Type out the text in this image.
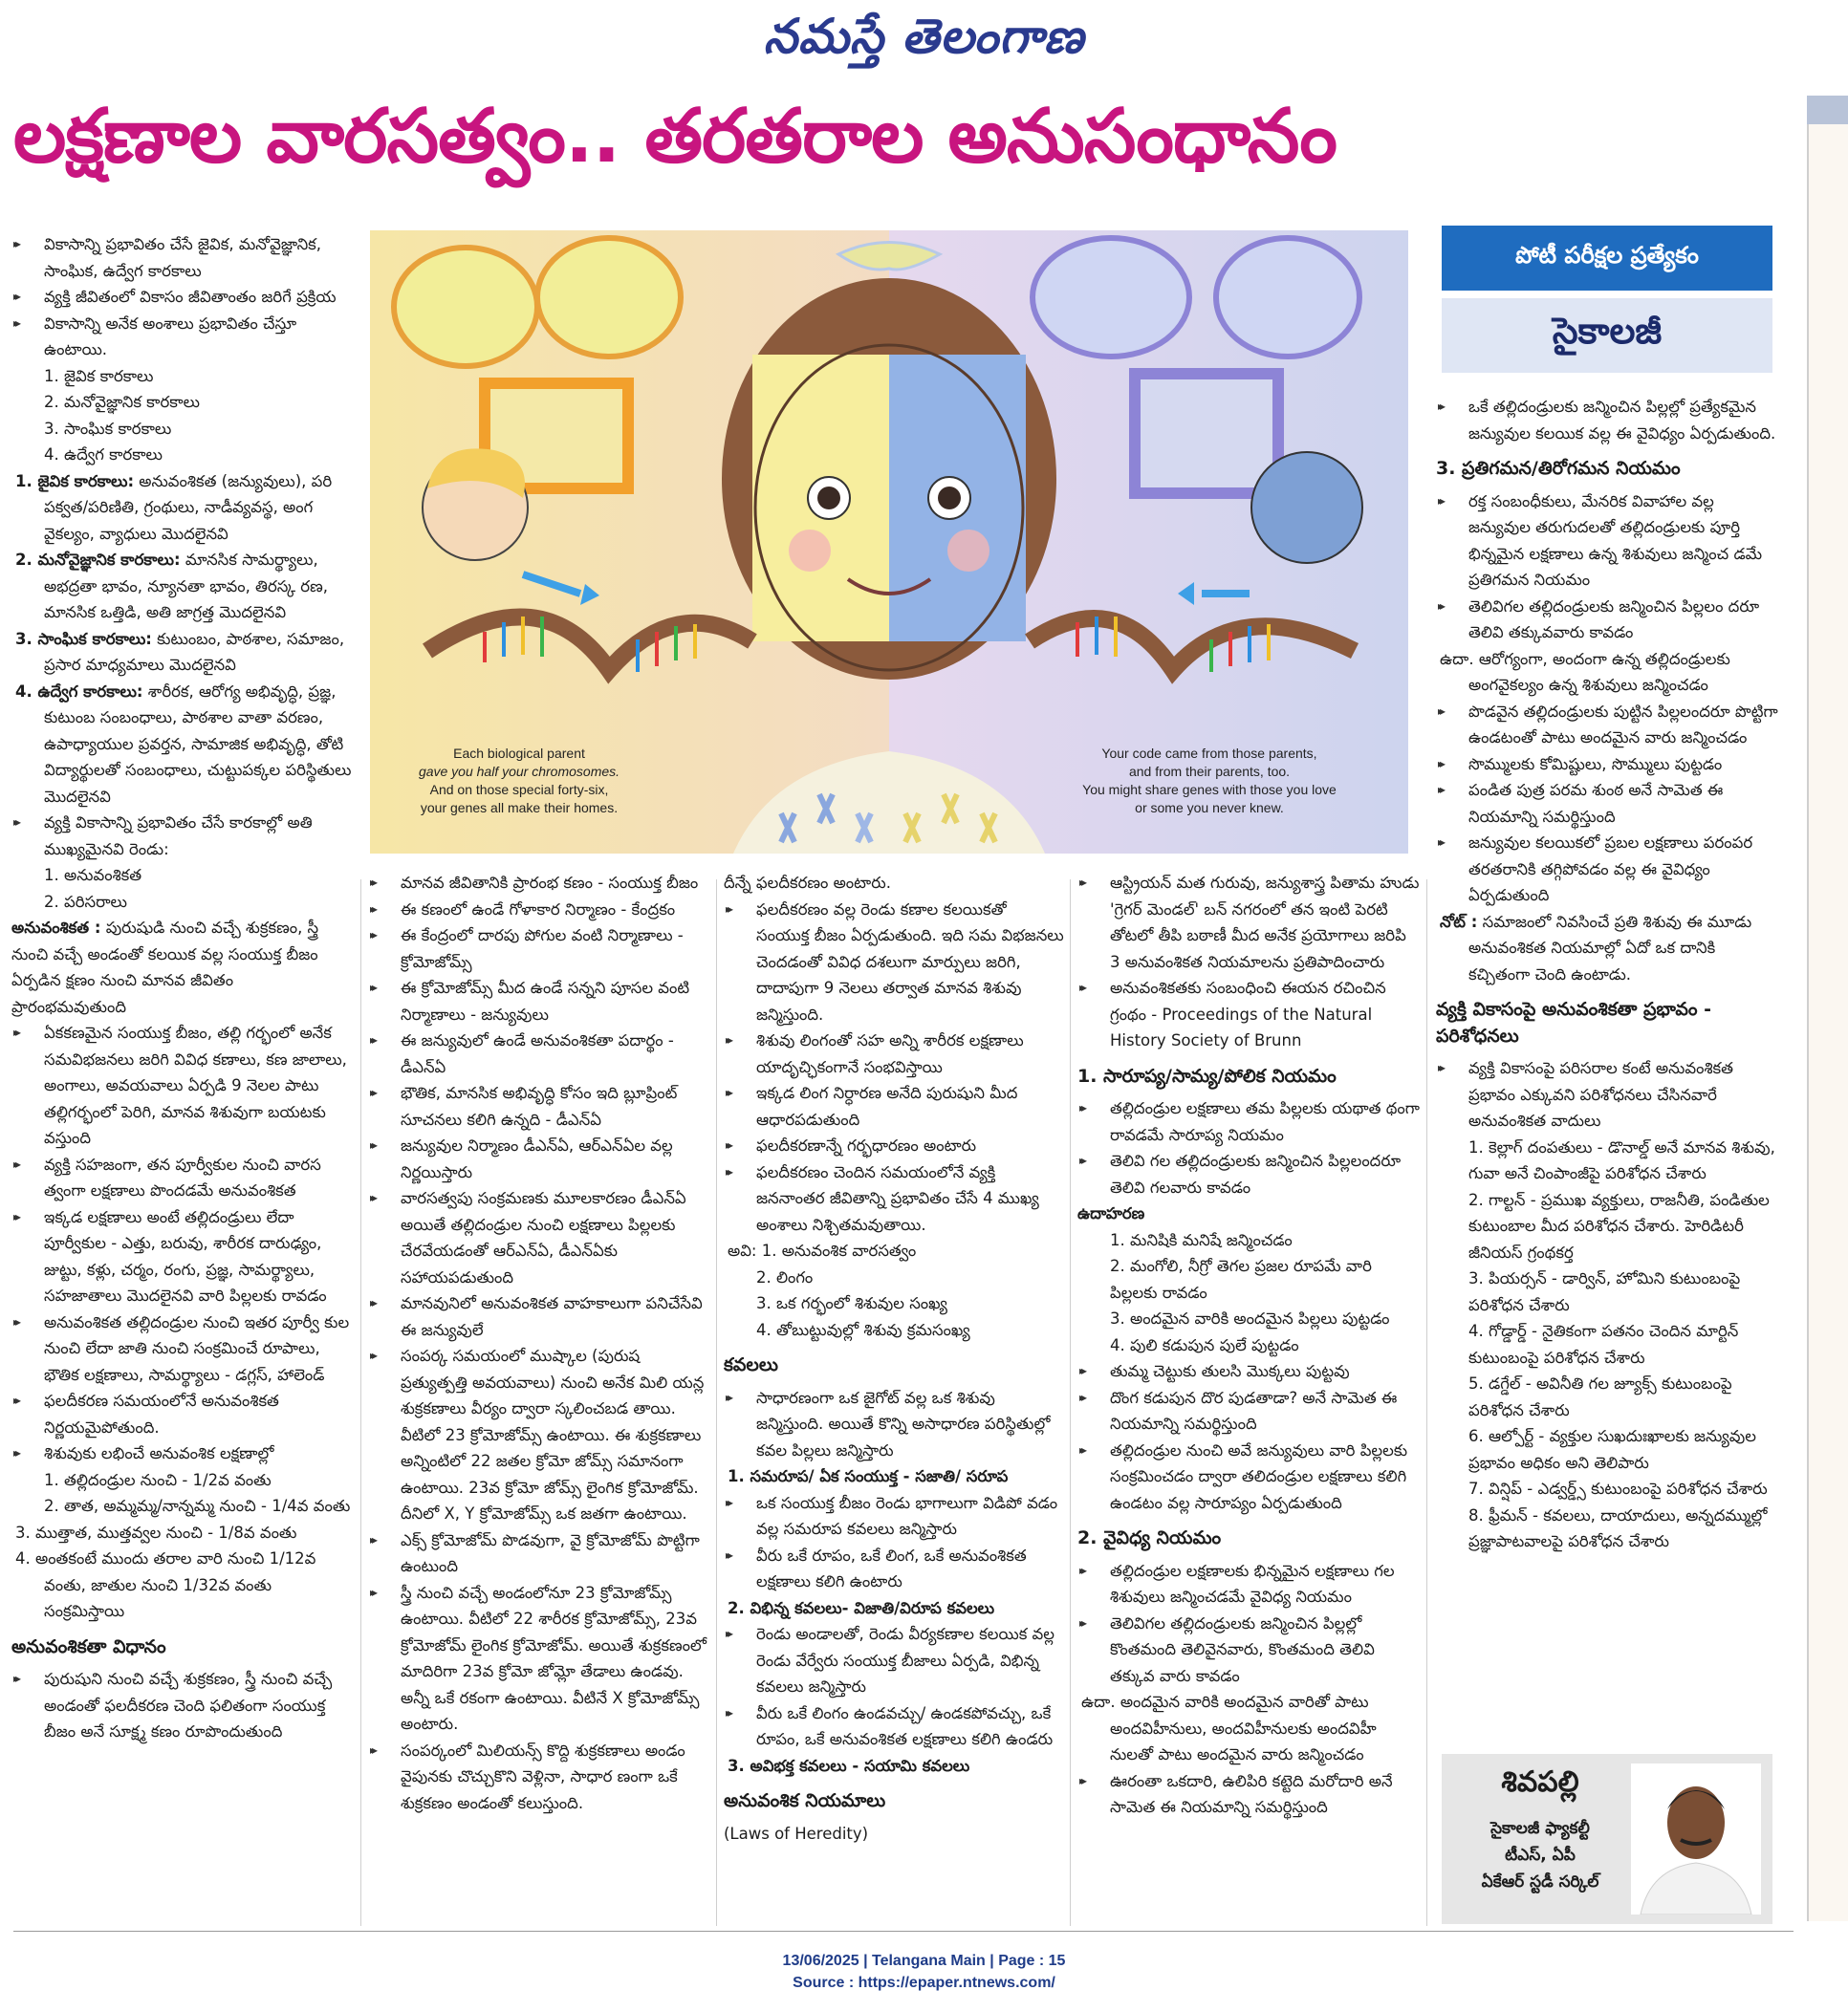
నమస్తే తెలంగాణ
లక్షణాల వారసత్వం.. తరతరాల అనుసంధానం

▸▸ వికాసాన్ని ప్రభావితం చేసే జైవిక, మనోవైజ్ఞానిక, సాంఘిక, ఉద్వేగ కారకాలు

▸▸ వ్యక్తి జీవితంలో వికాసం జీవితాంతం జరిగే ప్రక్రియ

▸▸ వికాసాన్ని అనేక అంశాలు ప్రభావితం చేస్తూ ఉంటాయి.

1. జైవిక కారకాలు

2. మనోవైజ్ఞానిక కారకాలు

3. సాంఘిక కారకాలు

4. ఉద్వేగ కారకాలు

1. జైవిక కారకాలు: అనువంశికత (జన్యువులు), పరి పక్వత/పరిణితి, గ్రంథులు, నాడీవ్యవస్థ, అంగ వైకల్యం, వ్యాధులు మొదలైనవి

2. మనోవైజ్ఞానిక కారకాలు: మానసిక సామర్థ్యాలు, అభద్రతా భావం, న్యూనతా భావం, తిరస్క రణ, మానసిక ఒత్తిడి, అతి జాగ్రత్త మొదలైనవి

3. సాంఘిక కారకాలు: కుటుంబం, పాఠశాల, సమాజం, ప్రసార మాధ్యమాలు మొదలైనవి

4. ఉద్వేగ కారకాలు: శారీరక, ఆరోగ్య అభివృద్ధి, ప్రజ్ఞ, కుటుంబ సంబంధాలు, పాఠశాల వాతా వరణం, ఉపాధ్యాయుల ప్రవర్తన, సామాజిక అభివృద్ధి, తోటి విద్యార్థులతో సంబంధాలు, చుట్టుపక్కల పరిస్థితులు మొదలైనవి

▸▸ వ్యక్తి వికాసాన్ని ప్రభావితం చేసే కారకాల్లో అతి ముఖ్యమైనవి రెండు:

1. అనువంశికత

2. పరిసరాలు

అనువంశికత : పురుషుడి నుంచి వచ్చే శుక్రకణం, స్త్రీ నుంచి వచ్చే అండంతో కలయిక వల్ల సంయుక్త బీజం ఏర్పడిన క్షణం నుంచి మానవ జీవితం ప్రారంభమవుతుంది

▸▸ ఏకకణమైన సంయుక్త బీజం, తల్లి గర్భంలో అనేక సమవిభజనలు జరిగి వివిధ కణాలు, కణ జాలాలు, అంగాలు, అవయవాలు ఏర్పడి 9 నెలల పాటు తల్లిగర్భంలో పెరిగి, మానవ శిశువుగా బయటకు వస్తుంది

▸▸ వ్యక్తి సహజంగా, తన పూర్వీకుల నుంచి వారస త్వంగా లక్షణాలు పొందడమే అనువంశికత

▸▸ ఇక్కడ లక్షణాలు అంటే తల్లిదండ్రులు లేదా పూర్వీకుల - ఎత్తు, బరువు, శారీరక దారుఢ్యం, జుట్టు, కళ్లు, చర్మం, రంగు, ప్రజ్ఞ, సామర్థ్యాలు, సహజాతాలు మొదలైనవి వారి పిల్లలకు రావడం

▸▸ అనువంశికత తల్లిదండ్రుల నుంచి ఇతర పూర్వీ కుల నుంచి లేదా జాతి నుంచి సంక్రమించే రూపాలు, భౌతిక లక్షణాలు, సామర్థ్యాలు - డగ్లస్, హాలెండ్

▸▸ ఫలదీకరణ సమయంలోనే అనువంశికత నిర్ణయమైపోతుంది.

▸▸ శిశువుకు లభించే అనువంశిక లక్షణాల్లో

1. తల్లిదండ్రుల నుంచి - 1/2వ వంతు

2. తాత, అమ్మమ్మ/నాన్నమ్మ నుంచి - 1/4వ వంతు

3. ముత్తాత, ముత్తవ్వల నుంచి - 1/8వ వంతు

4. అంతకంటే ముందు తరాల వారి నుంచి 1/12వ వంతు, జాతుల నుంచి 1/32వ వంతు సంక్రమిస్తాయి

అనువంశికతా విధానం

▸▸ పురుషుని నుంచి వచ్చే శుక్రకణం, స్త్రీ నుంచి వచ్చే అండంతో ఫలదీకరణ చెంది ఫలితంగా సంయుక్త బీజం అనే సూక్ష్మ కణం రూపొందుతుంది

Each biological parent
gave you half your chromosomes.
And on those special forty-six,
your genes all make their homes.
Your code came from those parents,
and from their parents, too.
You might share genes with those you love
or some you never knew.

▸▸ మానవ జీవితానికి ప్రారంభ కణం - సంయుక్త బీజం

▸▸ ఈ కణంలో ఉండే గోళాకార నిర్మాణం - కేంద్రకం

▸▸ ఈ కేంద్రంలో దారపు పోగుల వంటి నిర్మాణాలు - క్రోమోజోమ్స్

▸▸ ఈ క్రోమోజోమ్స్ మీద ఉండే సన్నని పూసల వంటి నిర్మాణాలు - జన్యువులు

▸▸ ఈ జన్యువులో ఉండే అనువంశికతా పదార్థం - డీఎన్ఏ

▸▸ భౌతిక, మానసిక అభివృద్ధి కోసం ఇది బ్లూప్రింట్ సూచనలు కలిగి ఉన్నది - డీఎన్ఏ

▸▸ జన్యువుల నిర్మాణం డీఎన్ఏ, ఆర్ఎన్ఏల వల్ల నిర్ణయిస్తారు

▸▸ వారసత్వపు సంక్రమణకు మూలకారణం డీఎన్ఏ అయితే తల్లిదండ్రుల నుంచి లక్షణాలు పిల్లలకు చేరవేయడంతో ఆర్ఎన్ఏ, డీఎన్ఏకు సహాయపడుతుంది

▸▸ మానవునిలో అనువంశికత వాహకాలుగా పనిచేసేవి ఈ జన్యువులే

▸▸ సంపర్క సమయంలో ముష్కాల (పురుష ప్రత్యుత్పత్తి అవయవాలు) నుంచి అనేక మిలి యన్ల శుక్రకణాలు వీర్యం ద్వారా స్కలించబడ తాయి. వీటిలో 23 క్రోమోజోమ్స్ ఉంటాయి. ఈ శుక్రకణాలు అన్నింటిలో 22 జతల క్రోమో జోమ్స్ సమానంగా ఉంటాయి. 23వ క్రోమో జోమ్స్ లైంగిక క్రోమోజోమ్. దీనిలో X, Y క్రోమోజోమ్స్ ఒక జతగా ఉంటాయి.

▸▸ ఎక్స్ క్రోమోజోమ్ పొడవుగా, వై క్రోమోజోమ్ పొట్టిగా ఉంటుంది

▸▸ స్త్రీ నుంచి వచ్చే అండంలోనూ 23 క్రోమోజోమ్స్ ఉంటాయి. వీటిలో 22 శారీరక క్రోమోజోమ్స్, 23వ క్రోమోజోమ్ లైంగిక క్రోమోజోమ్. అయితే శుక్రకణంలో మాదిరిగా 23వ క్రోమో జోమ్లో తేడాలు ఉండవు. అన్నీ ఒకే రకంగా ఉంటాయి. వీటినే X క్రోమోజోమ్స్ అంటారు.

▸▸ సంపర్కంలో మిలియన్స్ కొద్ది శుక్రకణాలు అండం వైపునకు చొచ్చుకొని వెళ్లినా, సాధార ణంగా ఒకే శుక్రకణం అండంతో కలుస్తుంది.

దీన్నే ఫలదీకరణం అంటారు.

▸▸ ఫలదీకరణం వల్ల రెండు కణాల కలయికతో సంయుక్త బీజం ఏర్పడుతుంది. ఇది సమ విభజనలు చెందడంతో వివిధ దశలుగా మార్పులు జరిగి, దాదాపుగా 9 నెలలు తర్వాత మానవ శిశువు జన్మిస్తుంది.

▸▸ శిశువు లింగంతో సహ అన్ని శారీరక లక్షణాలు యాదృచ్ఛికంగానే సంభవిస్తాయి

▸▸ ఇక్కడ లింగ నిర్ధారణ అనేది పురుషుని మీద ఆధారపడుతుంది

▸▸ ఫలదీకరణాన్నే గర్భధారణం అంటారు

▸▸ ఫలదీకరణం చెందిన సమయంలోనే వ్యక్తి జననాంతర జీవితాన్ని ప్రభావితం చేసే 4 ముఖ్య అంశాలు నిశ్చితమవుతాయి.

అవి: 1. అనువంశిక వారసత్వం

2. లింగం

3. ఒక గర్భంలో శిశువుల సంఖ్య

4. తోబుట్టువుల్లో శిశువు క్రమసంఖ్య

కవలలు

▸▸ సాధారణంగా ఒక జైగోట్ వల్ల ఒక శిశువు జన్మిస్తుంది. అయితే కొన్ని అసాధారణ పరిస్థితుల్లో కవల పిల్లలు జన్మిస్తారు

1. సమరూప/ ఏక సంయుక్త - సజాతి/ సరూప

▸▸ ఒక సంయుక్త బీజం రెండు భాగాలుగా విడిపో వడం వల్ల సమరూప కవలలు జన్మిస్తారు

▸▸ వీరు ఒకే రూపం, ఒకే లింగ, ఒకే అనువంశికత లక్షణాలు కలిగి ఉంటారు

2. విభిన్న కవలలు- విజాతి/విరూప కవలలు

▸▸ రెండు అండాలతో, రెండు వీర్యకణాల కలయిక వల్ల రెండు వేర్వేరు సంయుక్త బీజాలు ఏర్పడి, విభిన్న కవలలు జన్మిస్తారు

▸▸ వీరు ఒకే లింగం ఉండవచ్చు/ ఉండకపోవచ్చు, ఒకే రూపం, ఒకే అనువంశికత లక్షణాలు కలిగి ఉండరు

3. అవిభక్త కవలలు - సయామి కవలలు

అనువంశిక నియమాలు

(Laws of Heredity)

▸▸ ఆస్ట్రియన్ మత గురువు, జన్యుశాస్త్ర పితామ హుడు 'గ్రెగర్ మెండల్' బన్ నగరంలో తన ఇంటి పెరటి తోటలో తీపి బఠాణీ మీద అనేక ప్రయోగాలు జరిపి 3 అనువంశికత నియమాలను ప్రతిపాదించారు

▸▸ అనువంశికతకు సంబంధించి ఈయన రచించిన గ్రంథం - Proceedings of the Natural History Society of Brunn

1. సారూప్య/సామ్య/పోలిక నియమం

▸▸ తల్లిదండ్రుల లక్షణాలు తమ పిల్లలకు యథాత థంగా రావడమే సారూప్య నియమం

▸▸ తెలివి గల తల్లిదండ్రులకు జన్మించిన పిల్లలందరూ తెలివి గలవారు కావడం

ఉదాహరణ

1. మనిషికి మనిషే జన్మించడం

2. మంగోలి, నీగ్రో తెగల ప్రజల రూపమే వారి పిల్లలకు రావడం

3. అందమైన వారికి అందమైన పిల్లలు పుట్టడం

4. పులి కడుపున పులే పుట్టడం

▸▸ తుమ్మ చెట్టుకు తులసి మొక్కలు పుట్టవు

▸▸ దొంగ కడుపున దొర పుడతాడా? అనే సామెత ఈ నియమాన్ని సమర్థిస్తుంది

▸▸ తల్లిదండ్రుల నుంచి అవే జన్యువులు వారి పిల్లలకు సంక్రమించడం ద్వారా తలిదండ్రుల లక్షణాలు కలిగి ఉండటం వల్ల సారూప్యం ఏర్పడుతుంది

2. వైవిధ్య నియమం

▸▸ తల్లిదండ్రుల లక్షణాలకు భిన్నమైన లక్షణాలు గల శిశువులు జన్మించడమే వైవిధ్య నియమం

▸▸ తెలివిగల తల్లిదండ్రులకు జన్మించిన పిల్లల్లో కొంతమంది తెలివైనవారు, కొంతమంది తెలివి తక్కువ వారు కావడం

ఉదా. అందమైన వారికి అందమైన వారితో పాటు అందవిహీనులు, అందవిహీనులకు అందవిహీ నులతో పాటు అందమైన వారు జన్మించడం

▸▸ ఊరంతా ఒకదారి, ఉలిపిరి కట్టెది మరోదారి అనే సామెత ఈ నియమాన్ని సమర్థిస్తుంది

పోటీ పరీక్షల ప్రత్యేకం
సైకాలజీ

▸▸ ఒకే తల్లిదండ్రులకు జన్మించిన పిల్లల్లో ప్రత్యేకమైన జన్యువుల కలయిక వల్ల ఈ వైవిధ్యం ఏర్పడుతుంది.

3. ప్రతిగమన/తిరోగమన నియమం

▸▸ రక్త సంబంధీకులు, మేనరిక వివాహాల వల్ల జన్యువుల తరుగుదలతో తల్లిదండ్రులకు పూర్తి భిన్నమైన లక్షణాలు ఉన్న శిశువులు జన్మించ డమే ప్రతిగమన నియమం

▸▸ తెలివిగల తల్లిదండ్రులకు జన్మించిన పిల్లలం దరూ తెలివి తక్కువవారు కావడం

ఉదా. ఆరోగ్యంగా, అందంగా ఉన్న తల్లిదండ్రులకు అంగవైకల్యం ఉన్న శిశువులు జన్మించడం

▸▸ పొడవైన తల్లిదండ్రులకు పుట్టిన పిల్లలందరూ పొట్టిగా ఉండటంతో పాటు అందమైన వారు జన్మించడం

▸▸ సొమ్ములకు కోమిష్టులు, సొమ్ములు పుట్టడం

▸▸ పండిత పుత్ర పరమ శుంఠ అనే సామెత ఈ నియమాన్ని సమర్థిస్తుంది

▸▸ జన్యువుల కలయికలో ప్రబల లక్షణాలు పరంపర తరతరానికి తగ్గిపోవడం వల్ల ఈ వైవిధ్యం ఏర్పడుతుంది

నోట్ : సమాజంలో నివసించే ప్రతి శిశువు ఈ మూడు అనువంశికత నియమాల్లో ఏదో ఒక దానికి కచ్చితంగా చెంది ఉంటాడు.

వ్యక్తి వికాసంపై అనువంశికతా ప్రభావం - పరిశోధనలు

▸▸ వ్యక్తి వికాసంపై పరిసరాల కంటే అనువంశికత ప్రభావం ఎక్కువని పరిశోధనలు చేసినవారే అనువంశికత వాదులు

1. కెల్లాగ్ దంపతులు - డొనాల్డ్ అనే మానవ శిశువు, గువా అనే చింపాంజీపై పరిశోధన చేశారు

2. గాల్టన్ - ప్రముఖ వ్యక్తులు, రాజనీతి, పండితుల కుటుంబాల మీద పరిశోధన చేశారు. హెరిడిటరీ జీనియస్ గ్రంథకర్త

3. పియర్సన్ - డార్విన్, హోమిని కుటుంబంపై పరిశోధన చేశారు

4. గోడ్డార్డ్ - నైతికంగా పతనం చెందిన మార్టిన్ కుటుంబంపై పరిశోధన చేశారు

5. డగ్డేల్ - అవినీతి గల జ్యూక్స్ కుటుంబంపై పరిశోధన చేశారు

6. ఆల్పోర్ట్ - వ్యక్తుల సుఖదుఃఖాలకు జన్యువుల ప్రభావం అధికం అని తెలిపారు

7. విన్షిప్ - ఎడ్వర్డ్స్ కుటుంబంపై పరిశోధన చేశారు

8. ఫ్రీమన్ - కవలలు, దాయాదులు, అన్నదమ్ముల్లో ప్రజ్ఞాపాటవాలపై పరిశోధన చేశారు

శివపల్లి
సైకాలజీ ఫ్యాకల్టీ
టీఎస్, ఏపీ
ఏకేఆర్ స్టడీ సర్కిల్
13/06/2025 | Telangana Main | Page : 15
Source : https://epaper.ntnews.com/
